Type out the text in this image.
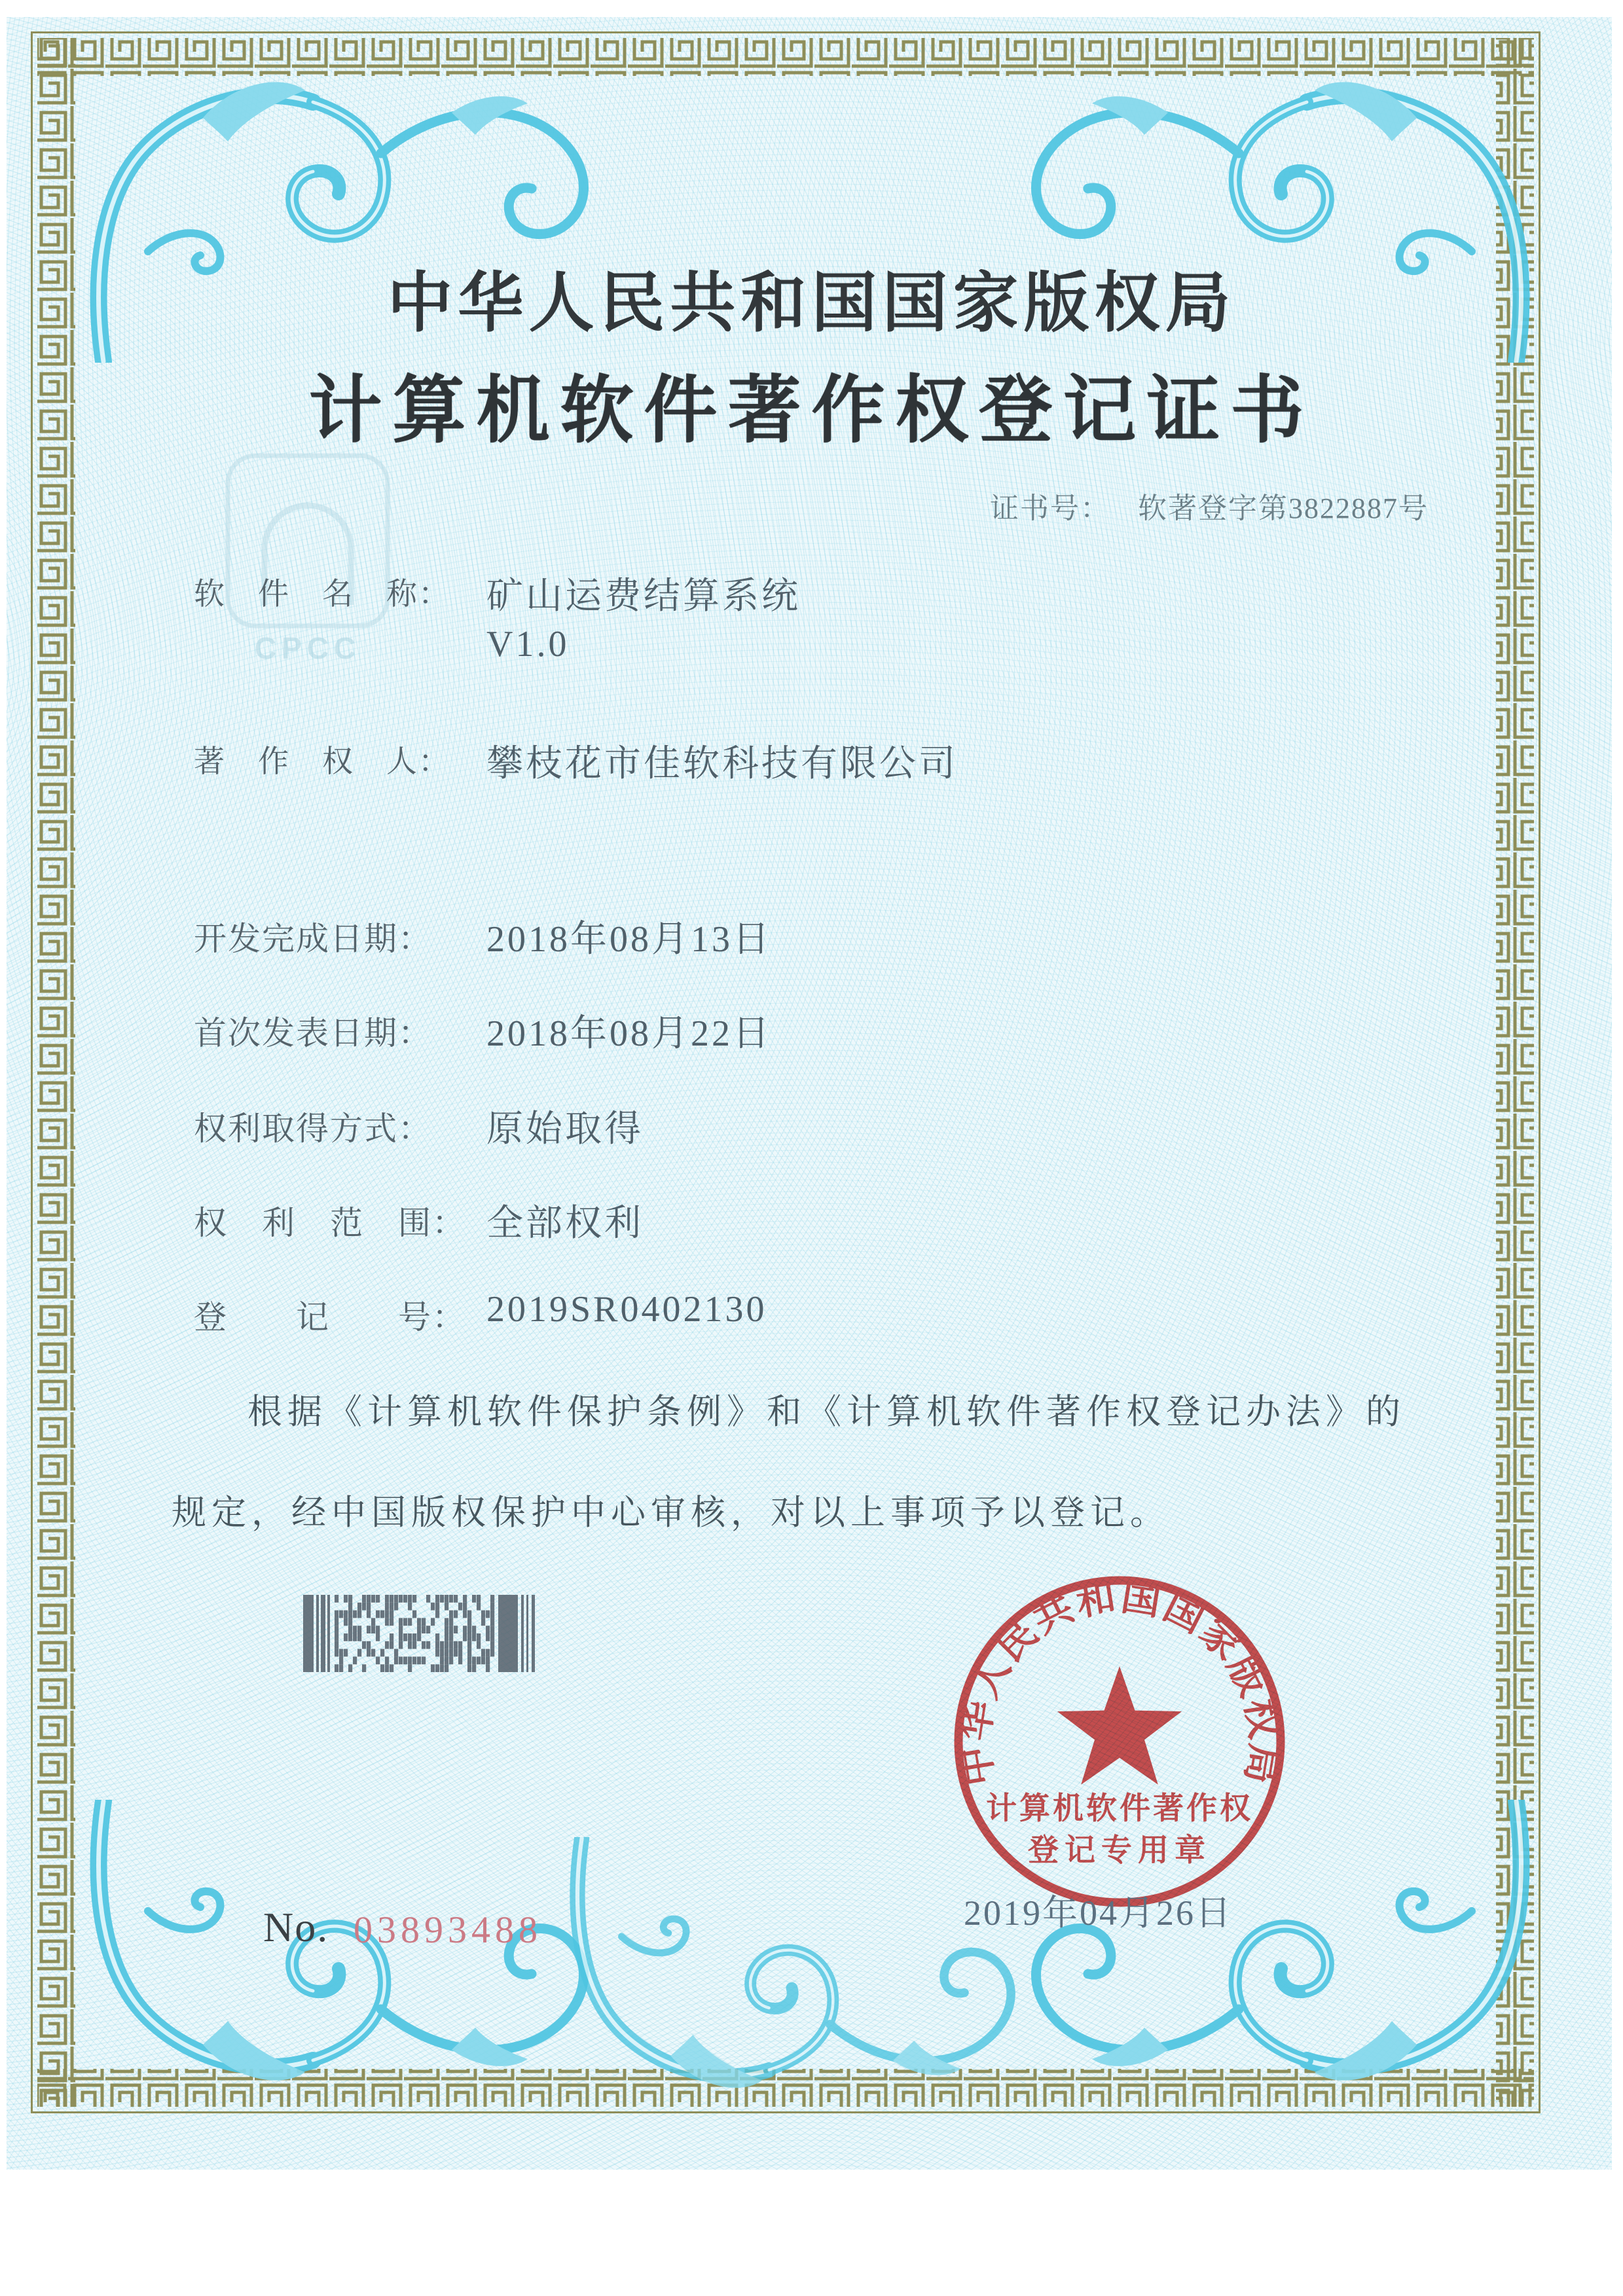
CPCC
中华人民共和国国家版权局
计算机软件著作权登记证书
证书号： 软著登字第3822887号
软　件　名　称： 矿山运费结算系统
V1.0
著　作　权　人： 攀枝花市佳软科技有限公司
开发完成日期： 2018年08月13日
首次发表日期： 2018年08月22日
权利取得方式： 原始取得
权　利　范　围： 全部权利
登　　记　　号： 2019SR0402130
根据《计算机软件保护条例》和《计算机软件著作权登记办法》的
规定，经中国版权保护中心审核，对以上事项予以登记。
中华人民共和国国家版权局
计算机软件著作权
登记专用章
2019年04月26日
No. 03893488
